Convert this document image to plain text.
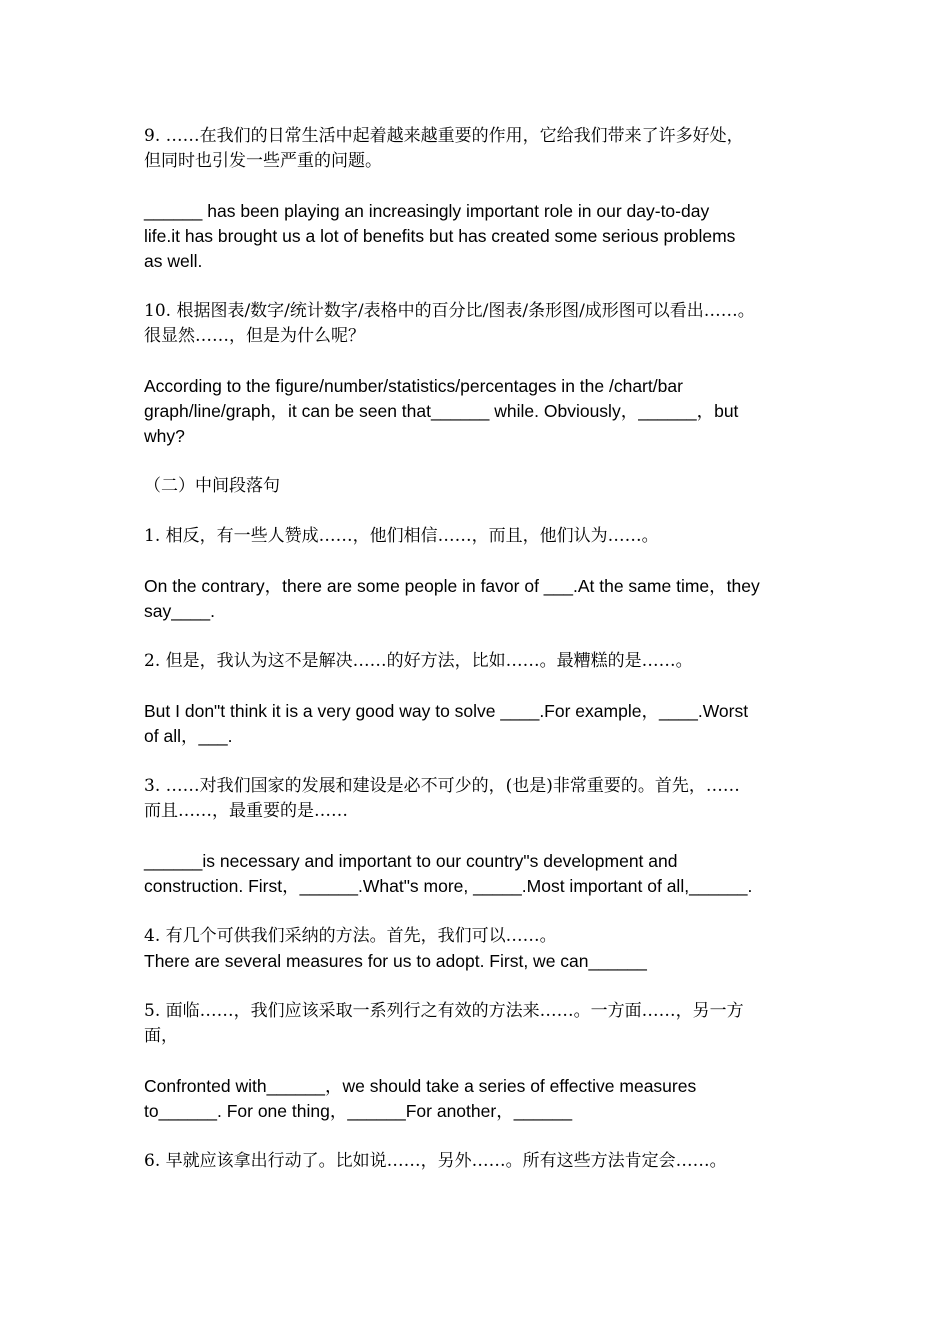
9. ……在我们的日常生活中起着越来越重要的作用，它给我们带来了许多好处，
但同时也引发一些严重的问题。

______ has been playing an increasingly important role in our day-to-day
life.it has brought us a lot of benefits but has created some serious problems
as well.

10. 根据图表/数字/统计数字/表格中的百分比/图表/条形图/成形图可以看出……。
很显然……，但是为什么呢？

According to the figure/number/statistics/percentages in the /chart/bar
graph/line/graph，it can be seen that______ while. Obviously，______，but
why?

（二）中间段落句

1. 相反，有一些人赞成……，他们相信……，而且，他们认为……。

On the contrary，there are some people in favor of ___.At the same time，they
say____.

2. 但是，我认为这不是解决……的好方法，比如……。最糟糕的是……。

But I don"t think it is a very good way to solve ____.For example，____.Worst
of all，___.

3. ……对我们国家的发展和建设是必不可少的，(也是)非常重要的。首先，……
而且……，最重要的是……

______is necessary and important to our country"s development and
construction. First，______.What"s more, _____.Most important of all,______.

4. 有几个可供我们采纳的方法。首先，我们可以……。

There are several measures for us to adopt. First, we can______

5. 面临……，我们应该采取一系列行之有效的方法来……。一方面……，另一方
面，

Confronted with______，we should take a series of effective measures
to______. For one thing，______For another，______

6. 早就应该拿出行动了。比如说……，另外……。所有这些方法肯定会……。
